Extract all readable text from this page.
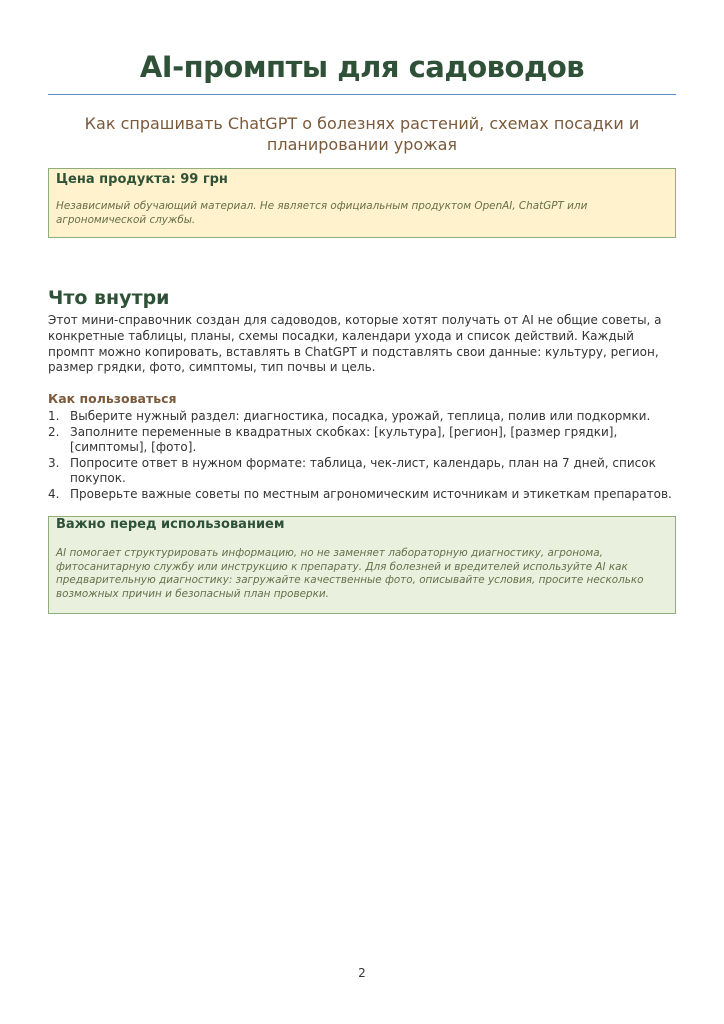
AI-промпты для садоводов

Как спрашивать ChatGPT о болезнях растений, схемах посадки и планировании урожая

Цена продукта: 99 грн
Независимый обучающий материал. Не является официальным продуктом OpenAI, ChatGPT или агрономической службы.
Что внутри

Этот мини-справочник создан для садоводов, которые хотят получать от AI не общие советы, а конкретные таблицы, планы, схемы посадки, календари ухода и список действий. Каждый промпт можно копировать, вставлять в ChatGPT и подставлять свои данные: культуру, регион, размер грядки, фото, симптомы, тип почвы и цель.

Как пользоваться
1. Выберите нужный раздел: диагностика, посадка, урожай, теплица, полив или подкормки.
2. Заполните переменные в квадратных скобках: [культура], [регион], [размер грядки], [симптомы], [фото].
3. Попросите ответ в нужном формате: таблица, чек-лист, календарь, план на 7 дней, список покупок.
4. Проверьте важные советы по местным агрономическим источникам и этикеткам препаратов.
Важно перед использованием
AI помогает структурировать информацию, но не заменяет лабораторную диагностику, агронома, фитосанитарную службу или инструкцию к препарату. Для болезней и вредителей используйте AI как предварительную диагностику: загружайте качественные фото, описывайте условия, просите несколько возможных причин и безопасный план проверки.
2
